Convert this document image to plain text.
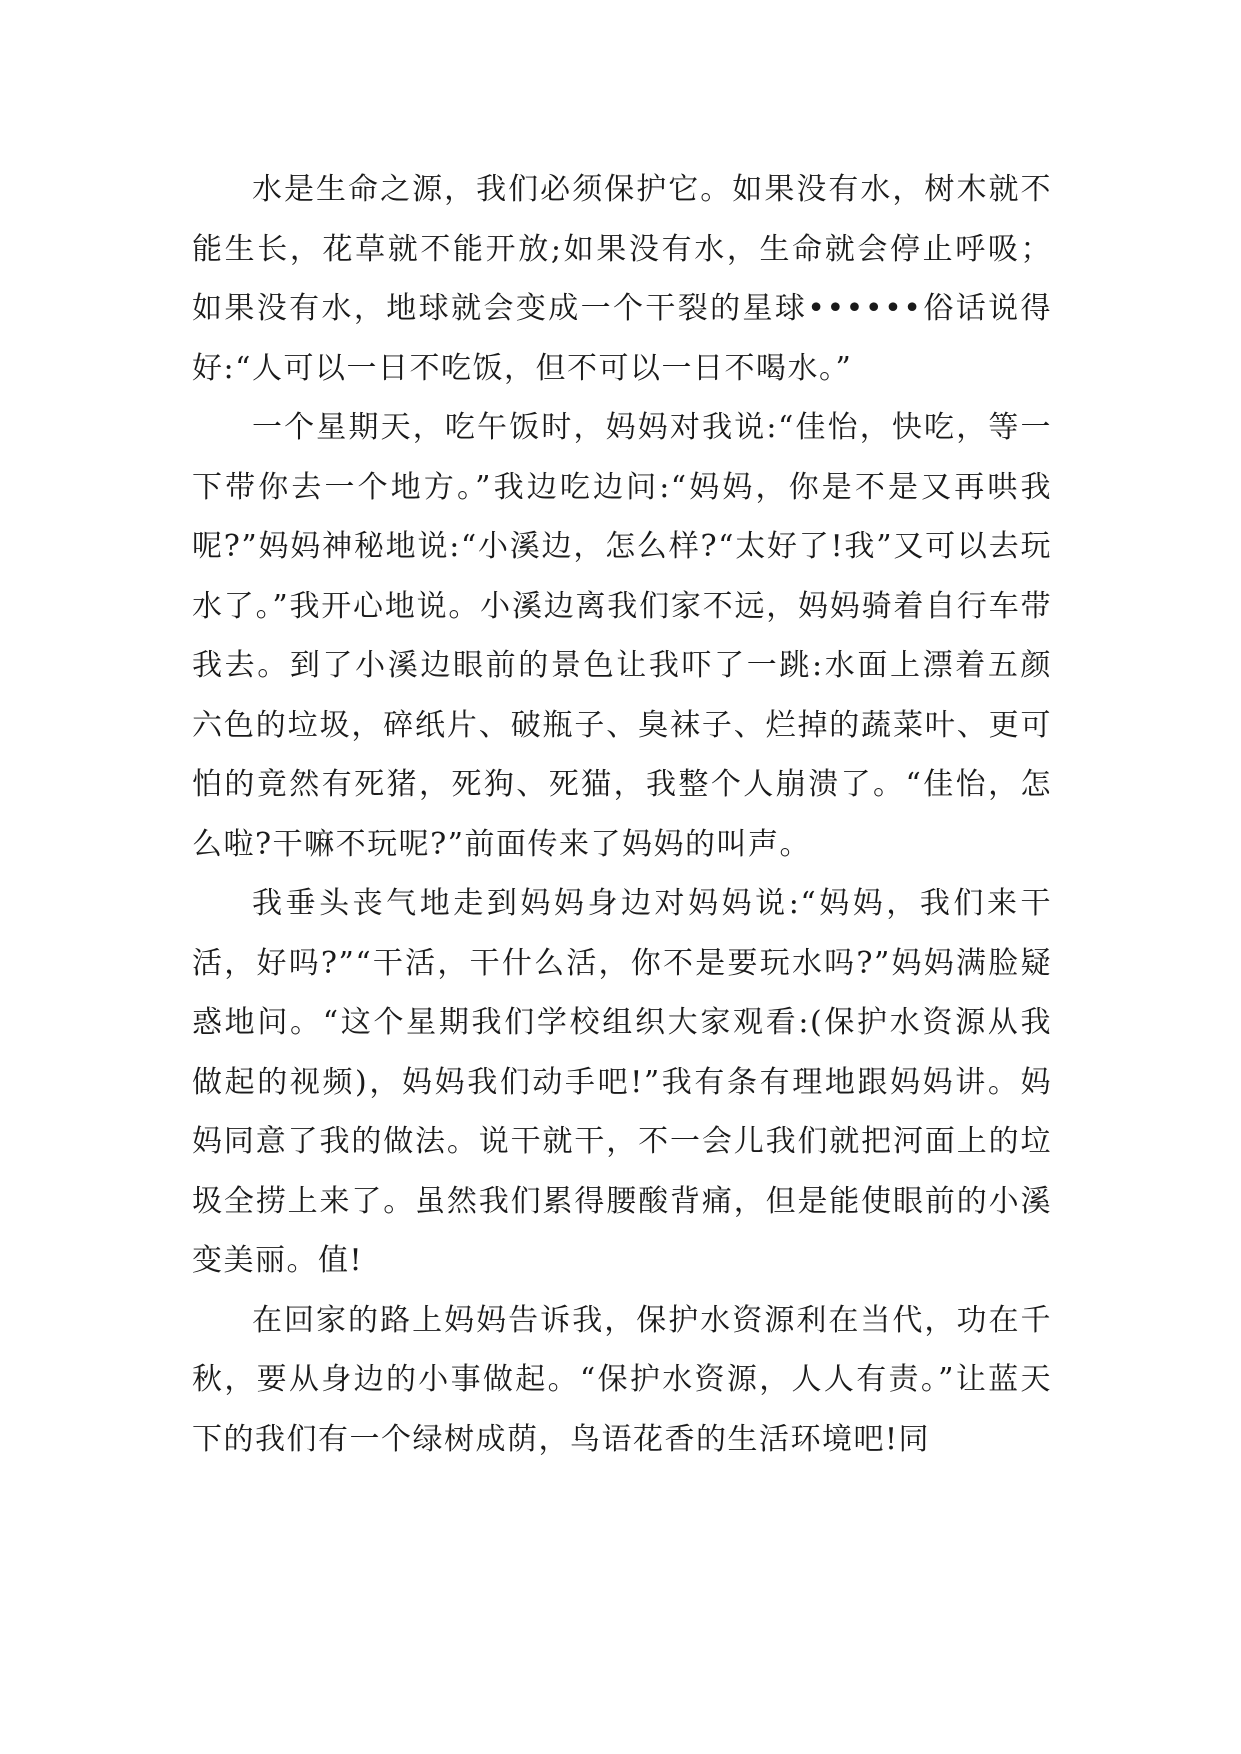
水是生命之源，我们必须保护它。如果没有水，树木就不能生长，花草就不能开放;如果没有水，生命就会停止呼吸；如果没有水，地球就会变成一个干裂的星球••••••俗话说得好:“人可以一日不吃饭，但不可以一日不喝水。”

一个星期天，吃午饭时，妈妈对我说:“佳怡，快吃，等一下带你去一个地方。”我边吃边问:“妈妈，你是不是又再哄我呢?”妈妈神秘地说:“小溪边，怎么样?“太好了!我”又可以去玩水了。”我开心地说。小溪边离我们家不远，妈妈骑着自行车带我去。到了小溪边眼前的景色让我吓了一跳:水面上漂着五颜六色的垃圾，碎纸片、破瓶子、臭袜子、烂掉的蔬菜叶、更可怕的竟然有死猪，死狗、死猫，我整个人崩溃了。“佳怡，怎么啦?干嘛不玩呢?”前面传来了妈妈的叫声。

我垂头丧气地走到妈妈身边对妈妈说:“妈妈，我们来干活，好吗?”“干活，干什么活，你不是要玩水吗?”妈妈满脸疑惑地问。“这个星期我们学校组织大家观看:(保护水资源从我做起的视频)，妈妈我们动手吧!”我有条有理地跟妈妈讲。妈妈同意了我的做法。说干就干，不一会儿我们就把河面上的垃圾全捞上来了。虽然我们累得腰酸背痛，但是能使眼前的小溪变美丽。值!

在回家的路上妈妈告诉我，保护水资源利在当代，功在千秋，要从身边的小事做起。“保护水资源，人人有责。”让蓝天下的我们有一个绿树成荫，鸟语花香的生活环境吧!同
